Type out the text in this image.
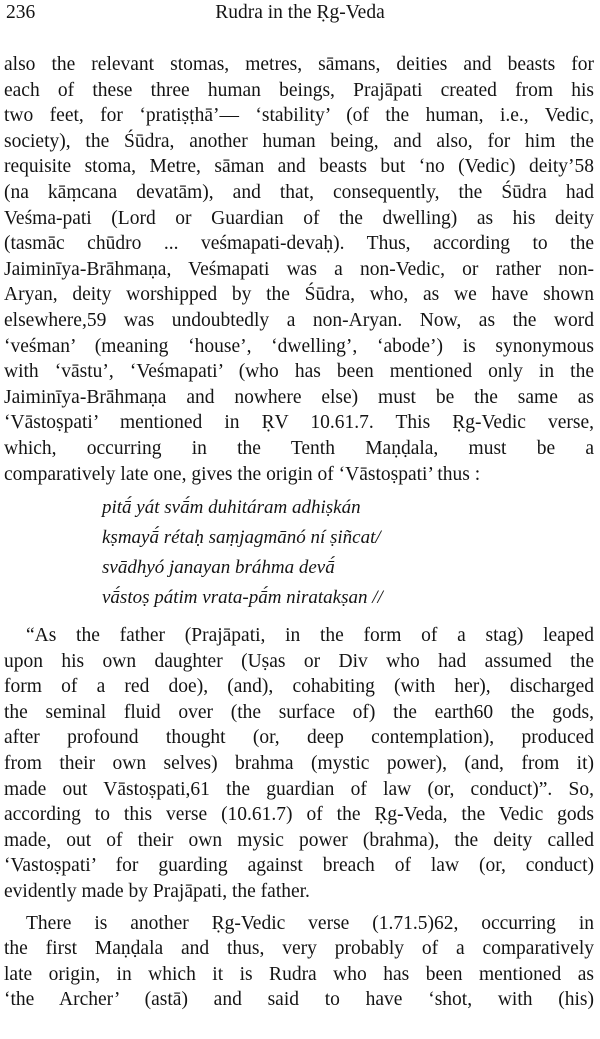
236	Rudra in the Ṛg-Veda
also the relevant stomas, metres, sāmans, deities and beasts for
each of these three human beings, Prajāpati created from his
two feet, for ‘pratiṣṭhā’— ‘stability’ (of the human, i.e., Vedic,
society), the Śūdra, another human being, and also, for him the
requisite stoma, Metre, sāman and beasts but ‘no (Vedic) deity’58
(na kāṃcana devatām), and that, consequently, the Śūdra had
Veśma-pati (Lord or Guardian of the dwelling) as his deity
(tasmāc chūdro ... veśmapati-devaḥ). Thus, according to the
Jaiminīya-Brāhmaṇa, Veśmapati was a non-Vedic, or rather non-
Aryan, deity worshipped by the Śūdra, who, as we have shown
elsewhere,59 was undoubtedly a non-Aryan. Now, as the word
‘veśman’ (meaning ‘house’, ‘dwelling’, ‘abode’) is synonymous
with ‘vāstu’, ‘Veśmapati’ (who has been mentioned only in the
Jaiminīya-Brāhmaṇa and nowhere else) must be the same as
‘Vāstoṣpati’ mentioned in ṚV 10.61.7. This Ṛg-Vedic verse,
which, occurring in the Tenth Maṇḍala, must be a
comparatively late one, gives the origin of ‘Vāstoṣpati’ thus :
pitā́ yát svā́m duhitáram adhiṣkán
kṣmayā́ rétaḥ saṃjagmānó ní ṣiñcat/
svādhyó janayan bráhma devā́
vā́stoṣ pátim vrata-pā́m niratakṣan //
“As the father (Prajāpati, in the form of a stag) leaped
upon his own daughter (Uṣas or Div who had assumed the
form of a red doe), (and), cohabiting (with her), discharged
the seminal fluid over (the surface of) the earth60 the gods,
after profound thought (or, deep contemplation), produced
from their own selves) brahma (mystic power), (and, from it)
made out Vāstoṣpati,61 the guardian of law (or, conduct)”. So,
according to this verse (10.61.7) of the Ṛg-Veda, the Vedic gods
made, out of their own mysic power (brahma), the deity called
‘Vastoṣpati’ for guarding against breach of law (or, conduct)
evidently made by Prajāpati, the father.
There is another Ṛg-Vedic verse (1.71.5)62, occurring in
the first Maṇḍala and thus, very probably of a comparatively
late origin, in which it is Rudra who has been mentioned as
‘the Archer’ (astā) and said to have ‘shot, with (his)
